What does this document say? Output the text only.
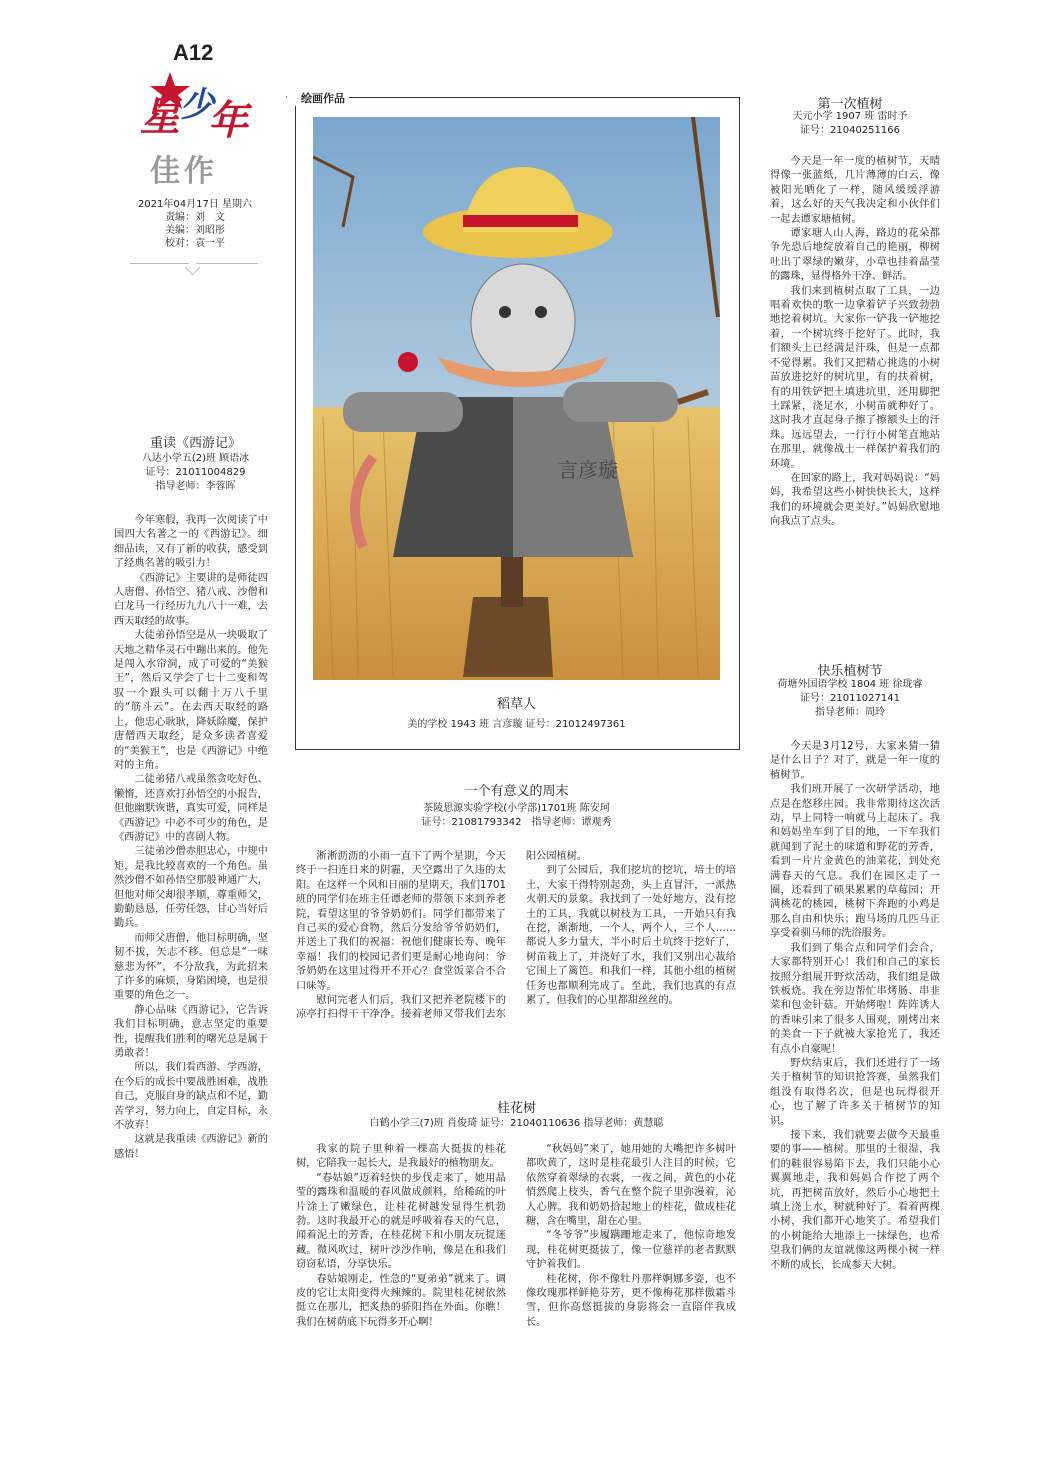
A12
星 少
年
佳作
2021年04月17日 星期六
责编：刘　文
美编：刘昭彤
校对：袁一平
绘画作品
言彦璇
稻草人
美的学校 1943 班 言彦璇 证号：21012497361
重读《西游记》
八达小学五(2)班 顾语冰
证号：21011004829
指导老师：李蓉晖

今年寒假，我再一次阅读了中国四大名著之一的《西游记》。细细品读，又有了新的收获，感受到了经典名著的吸引力！

《西游记》主要讲的是师徒四人唐僧、孙悟空、猪八戒、沙僧和白龙马一行经历九九八十一难，去西天取经的故事。

大徒弟孙悟空是从一块吸取了天地之精华灵石中蹦出来的。他先是闯入水帘洞，成了可爱的“美猴王”，然后又学会了七十二变和驾驭一个跟头可以翻十万八千里的“筋斗云”。在去西天取经的路上，他忠心耿耿，降妖除魔，保护唐僧西天取经，是众多读者喜爱的“美猴王”，也是《西游记》中绝对的主角。

二徒弟猪八戒虽然贪吃好色、懒惰，还喜欢打孙悟空的小报告，但他幽默诙谐，真实可爱，同样是《西游记》中必不可少的角色，是《西游记》中的喜剧人物。

三徒弟沙僧赤胆忠心，中规中矩，是我比较喜欢的一个角色。虽然沙僧不如孙悟空那般神通广大，但他对师父却很孝顺，尊重师父，勤勤恳恳，任劳任怨，甘心当好后勤兵。

而师父唐僧，他目标明确，坚韧不拔，矢志不移。但总是“一味慈悲为怀”，不分敌我，为此招来了许多的麻烦，身陷困境，也是很重要的角色之一。

静心品味《西游记》，它告诉我们目标明确，意志坚定的重要性，提醒我们胜利的曙光总是属于勇敢者！

所以，我们看西游、学西游，在今后的成长中要战胜困难，战胜自己，克服自身的缺点和不足，勤苦学习，努力向上，自定目标，永不放弃！

这就是我重读《西游记》新的感悟！

一个有意义的周末
茶陵思源实验学校(小学部)1701班 陈安珂
证号：21081793342　指导老师：谭观秀

淅淅沥沥的小雨一直下了两个星期，今天终于一扫连日来的阴霾，天空露出了久违的太阳。在这样一个风和日丽的星期天，我们1701班的同学们在班主任谭老师的带领下来到养老院，看望这里的爷爷奶奶们。同学们都带来了自己买的爱心食物，然后分发给爷爷奶奶们，并送上了我们的祝福：祝他们健康长寿、晚年幸福！我们的校园记者们更是耐心地询问：爷爷奶奶在这里过得开不开心？食堂饭菜合不合口味等。

慰问完老人们后，我们又把养老院楼下的凉亭打扫得干干净净。接着老师又带我们去东阳公园植树。

到了公园后，我们挖坑的挖坑，培土的培土，大家干得特别起劲，头上直冒汗，一派热火朝天的景象。我找到了一处好地方，没有挖土的工具，我就以树枝为工具，一开始只有我在挖，渐渐地，一个人，两个人，三个人……都说人多力量大，半小时后土坑终于挖好了，树苗栽上了，并浇好了水，我们又别出心裁给它围上了篱笆。和我们一样，其他小组的植树任务也都顺利完成了。至此，我们也真的有点累了，但我们的心里都甜丝丝的。

桂花树
白鹤小学三(7)班 肖俊琦 证号：21040110636 指导老师：黄慧聪

我家的院子里种着一棵高大挺拔的桂花树，它陪我一起长大，是我最好的植物朋友。

“春姑娘”迈着轻快的步伐走来了，她用晶莹的露珠和温暖的春风做成颜料，给稀疏的叶片涂上了嫩绿色，让桂花树越发显得生机勃勃。这时我最开心的就是呼吸着春天的气息，闻着泥土的芳香，在桂花树下和小朋友玩捉迷藏。微风吹过，树叶沙沙作响，像是在和我们窃窃私语，分享快乐。

春姑娘刚走，性急的“夏弟弟”就来了。调皮的它让太阳变得火辣辣的。院里桂花树依然挺立在那儿，把炙热的骄阳挡在外面。你瞧！我们在树荫底下玩得多开心啊！

“秋妈妈”来了，她用她的大嘴把许多树叶都吹黄了，这时是桂花最引人注目的时候，它依然穿着翠绿的衣裳，一夜之间，黄色的小花悄然爬上枝头，香气在整个院子里弥漫着，沁人心脾。我和奶奶拾起地上的桂花，做成桂花糖，含在嘴里，甜在心里。

“冬爷爷”步履蹒跚地走来了，他惊奇地发现，桂花树更挺拔了，像一位慈祥的老者默默守护着我们。

桂花树，你不像牡丹那样婀娜多姿，也不像玫瑰那样鲜艳芬芳，更不像梅花那样傲霜斗雪，但你高悠挺拔的身影将会一直陪伴我成长。

第一次植树
天元小学 1907 班 雷时予
证号：21040251166

今天是一年一度的植树节，天晴得像一张蓝纸，几片薄薄的白云，像被阳光晒化了一样，随风缓缓浮游着，这么好的天气我决定和小伙伴们一起去谭家塘植树。

谭家塘人山人海，路边的花朵都争先恐后地绽放着自己的艳丽，柳树吐出了翠绿的嫩芽，小草也挂着晶莹的露珠，显得格外干净、鲜活。

我们来到植树点取了工具，一边唱着欢快的歌一边拿着铲子兴致勃勃地挖着树坑。大家你一铲我一铲地挖着，一个树坑终于挖好了。此时，我们额头上已经满是汗珠，但是一点都不觉得累。我们又把精心挑选的小树苗放进挖好的树坑里，有的扶着树，有的用铁铲把土填进坑里，还用脚把土踩紧，浇足水，小树苗就种好了。这时我才直起身子擦了擦额头上的汗珠。远远望去，一行行小树笔直地站在那里，就像战士一样保护着我们的环境。

在回家的路上，我对妈妈说：“妈妈，我希望这些小树快快长大，这样我们的环境就会更美好。”妈妈欣慰地向我点了点头。

快乐植树节
荷塘外国语学校 1804 班 徐珑睿
证号：21011027141
指导老师：周玲

今天是3月12号，大家来猜一猜是什么日子？对了，就是一年一度的植树节。

我们班开展了一次研学活动，地点是在悠移庄园。我非常期待这次活动，早上同特一响就马上起床了。我和妈妈坐车到了目的地，一下车我们就闻到了泥土的味道和野花的芳香，看到一片片金黄色的油菜花，到处充满春天的气息。我们在园区走了一圈，还看到了硕果累累的草莓园；开满桃花的桃园，桃树下奔跑的小鸡是那么自由和快乐；跑马场的几匹马正享受着驯马师的洗浴服务。

我们到了集合点和同学们会合，大家都特别开心！我们和自己的家长按照分组展开野炊活动，我们组是做铁板烧。我在旁边帮忙串烤肠、串韭菜和包金针菇。开始烤啦！阵阵诱人的香味引来了很多人围观，刚烤出来的美食一下子就被大家抢光了，我还有点小自豪呢！

野炊结束后，我们还进行了一场关于植树节的知识抢答赛，虽然我们组没有取得名次，但是也玩得很开心，也了解了许多关于植树节的知识。

接下来，我们就要去做今天最重要的事——植树。那里的土很湿，我们的鞋很容易陷下去，我们只能小心翼翼地走，我和妈妈合作挖了两个坑，再把树苗放好，然后小心地把土填上浇上水，树就种好了。看着两棵小树，我们都开心地笑了。希望我们的小树能给大地添上一抹绿色，也希望我们俩的友谊就像这两棵小树一样不断的成长，长成参天大树。
